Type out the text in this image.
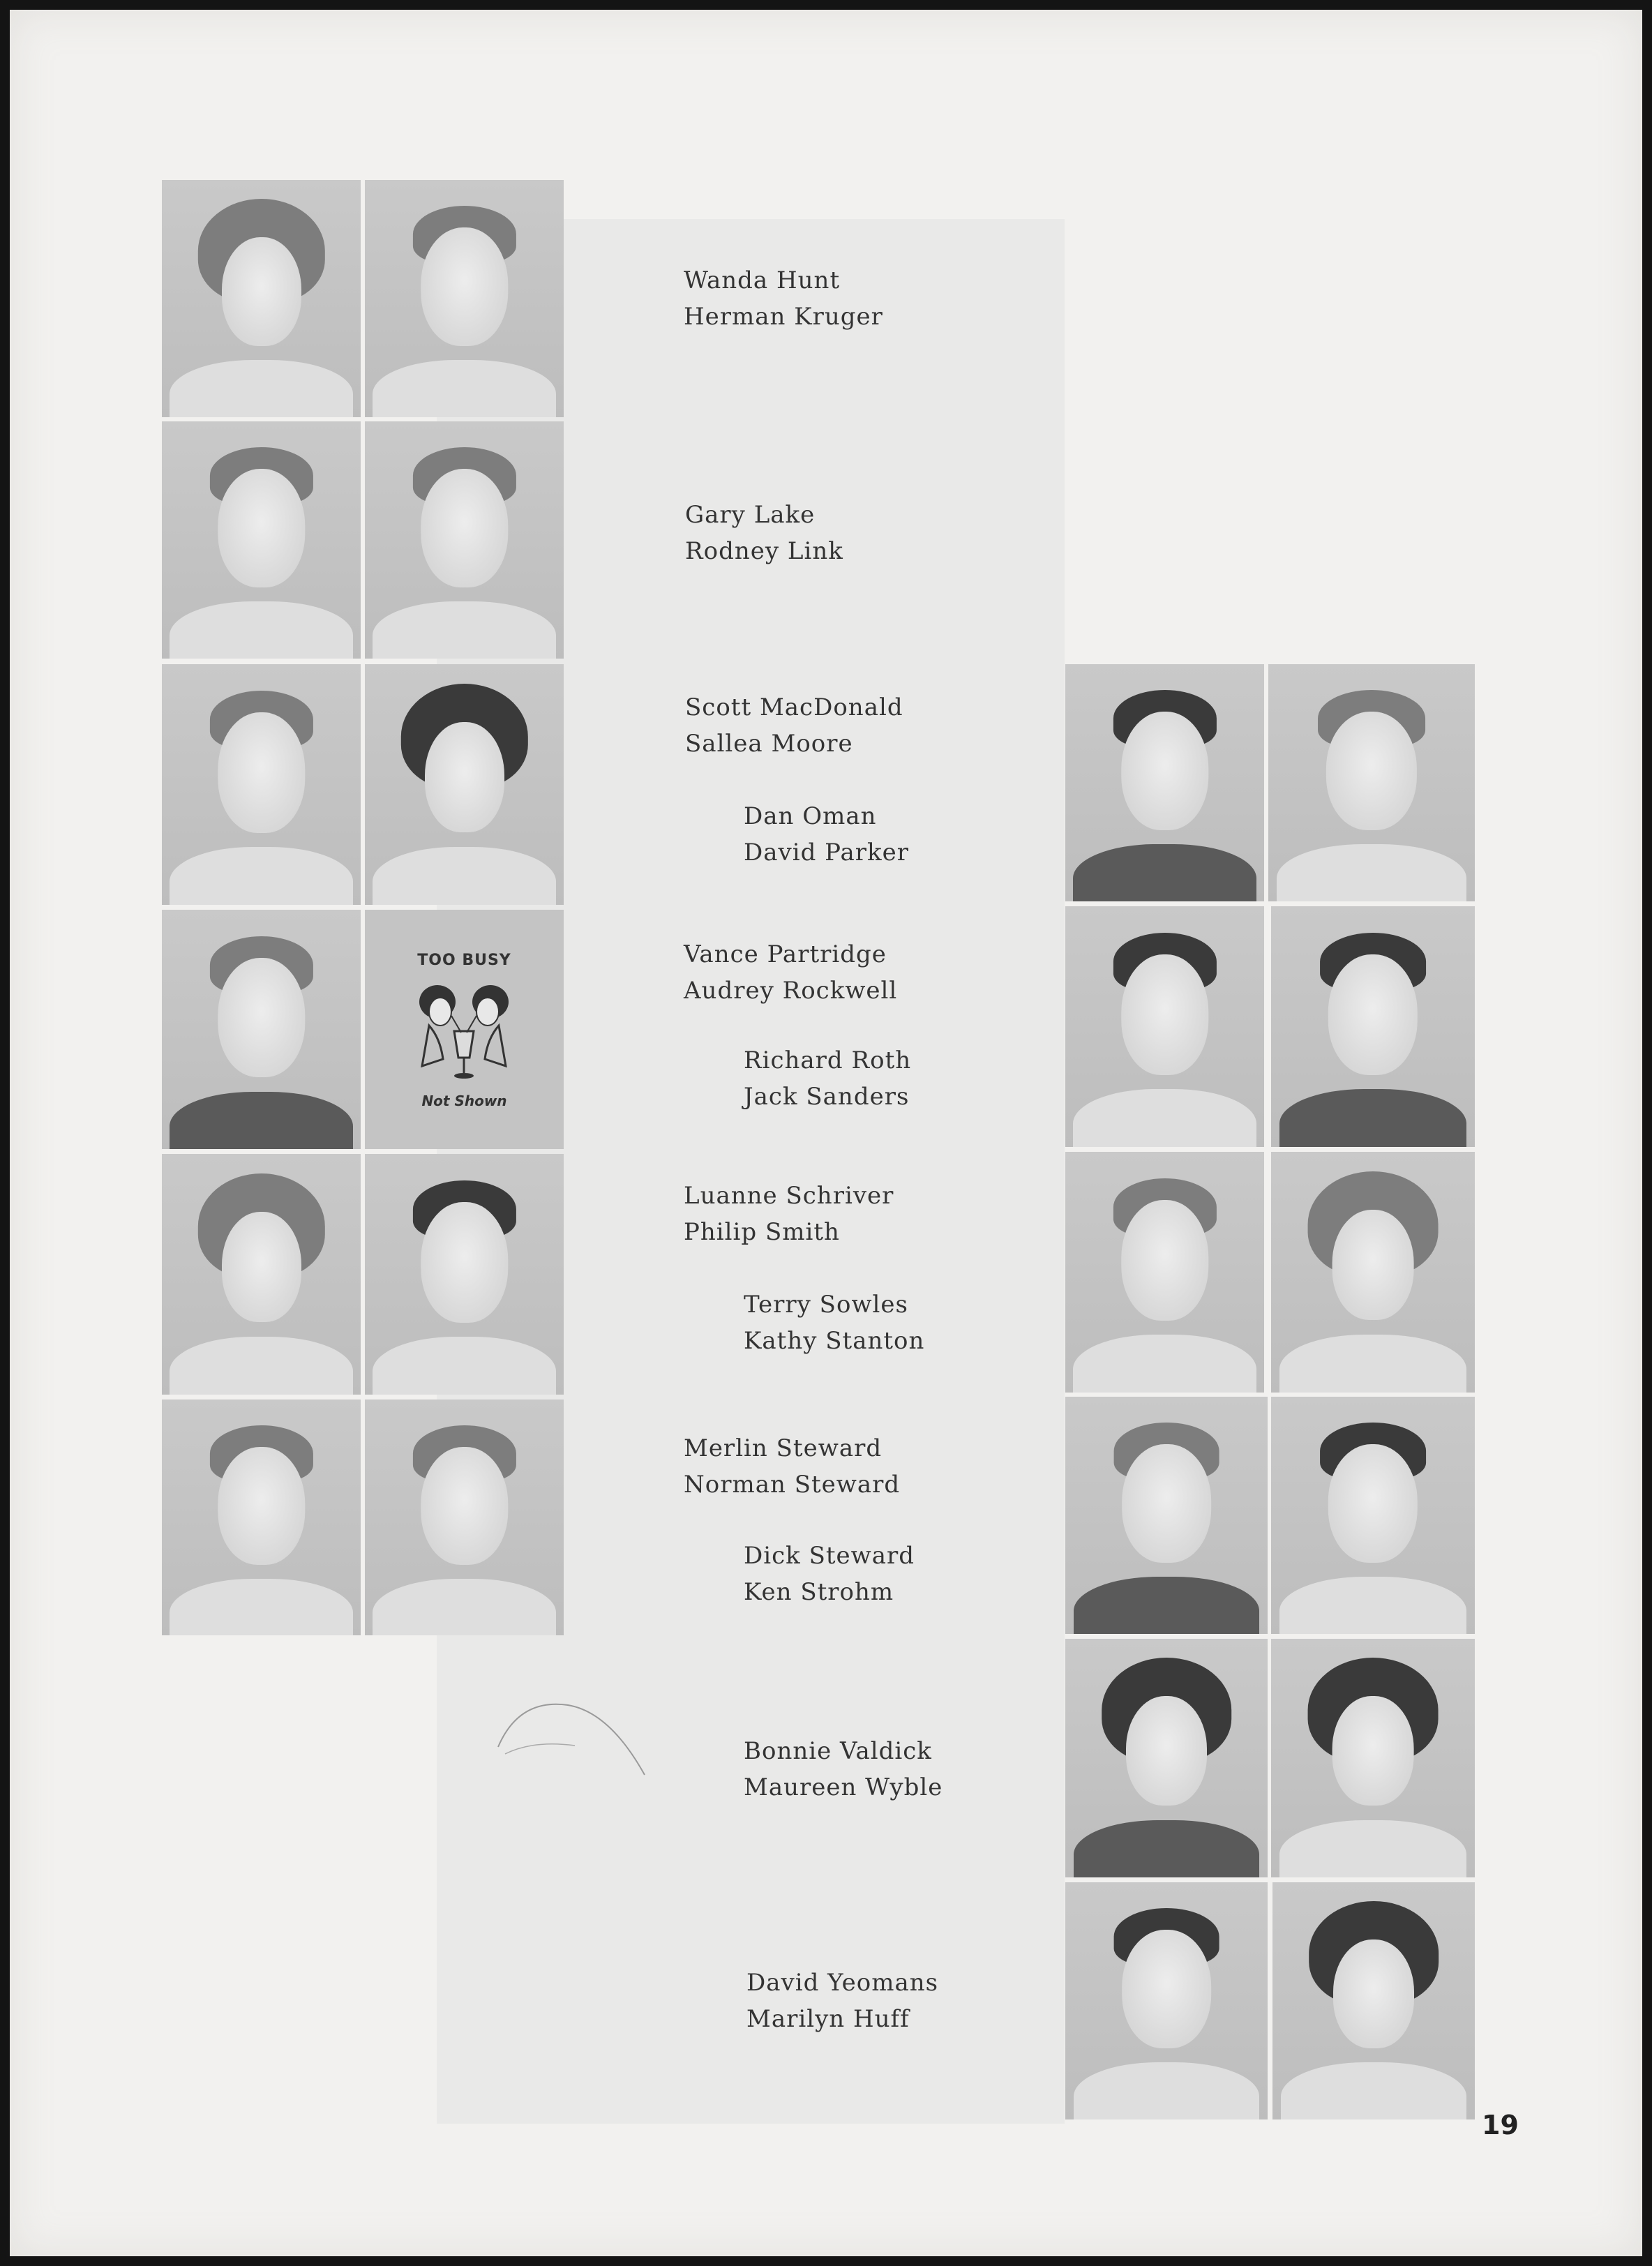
TOO BUSY
Not Shown
Wanda Hunt
Herman Kruger
Gary Lake
Rodney Link
Scott MacDonald
Sallea Moore
Dan Oman
David Parker
Vance Partridge
Audrey Rockwell
Richard Roth
Jack Sanders
Luanne Schriver
Philip Smith
Terry Sowles
Kathy Stanton
Merlin Steward
Norman Steward
Dick Steward
Ken Strohm
Bonnie Valdick
Maureen Wyble
David Yeomans
Marilyn Huff
19
